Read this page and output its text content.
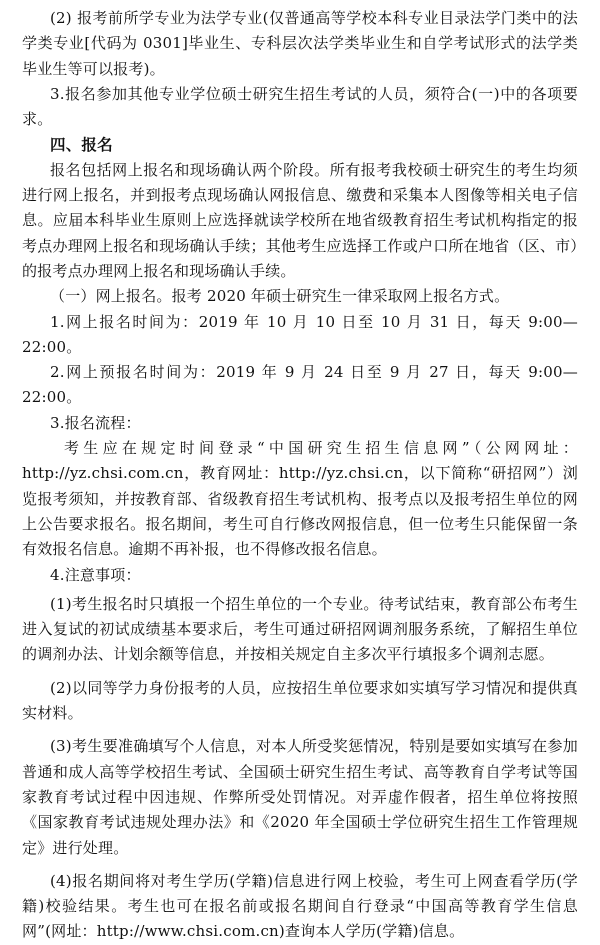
(2) 报考前所学专业为法学专业(仅普通高等学校本科专业目录法学门类中的法学类专业[代码为 0301]毕业生、专科层次法学类毕业生和自学考试形式的法学类毕业生等可以报考)。

3.报名参加其他专业学位硕士研究生招生考试的人员，须符合(一)中的各项要求。

四、报名

报名包括网上报名和现场确认两个阶段。所有报考我校硕士研究生的考生均须进行网上报名，并到报考点现场确认网报信息、缴费和采集本人图像等相关电子信息。应届本科毕业生原则上应选择就读学校所在地省级教育招生考试机构指定的报考点办理网上报名和现场确认手续；其他考生应选择工作或户口所在地省（区、市）的报考点办理网上报名和现场确认手续。

（一）网上报名。报考 2020 年硕士研究生一律采取网上报名方式。

1.网上报名时间为：2019 年 10 月 10 日至 10 月 31 日，每天 9:00—22:00。

2.网上预报名时间为：2019 年 9 月 24 日至 9 月 27 日，每天 9:00—22:00。

3.报名流程：

考生应在规定时间登录“中国研究生招生信息网”（公网网址：http://yz.chsi.com.cn，教育网址：http://yz.chsi.cn，以下简称“研招网”）浏览报考须知，并按教育部、省级教育招生考试机构、报考点以及报考招生单位的网上公告要求报名。报名期间，考生可自行修改网报信息，但一位考生只能保留一条有效报名信息。逾期不再补报，也不得修改报名信息。

4.注意事项：

(1)考生报名时只填报一个招生单位的一个专业。待考试结束，教育部公布考生进入复试的初试成绩基本要求后，考生可通过研招网调剂服务系统，了解招生单位的调剂办法、计划余额等信息，并按相关规定自主多次平行填报多个调剂志愿。

(2)以同等学力身份报考的人员，应按招生单位要求如实填写学习情况和提供真实材料。

(3)考生要准确填写个人信息，对本人所受奖惩情况，特别是要如实填写在参加普通和成人高等学校招生考试、全国硕士研究生招生考试、高等教育自学考试等国家教育考试过程中因违规、作弊所受处罚情况。对弄虚作假者，招生单位将按照《国家教育考试违规处理办法》和《2020 年全国硕士学位研究生招生工作管理规定》进行处理。

(4)报名期间将对考生学历(学籍)信息进行网上校验，考生可上网查看学历(学籍)校验结果。考生也可在报名前或报名期间自行登录“中国高等教育学生信息网”(网址：http://www.chsi.com.cn)查询本人学历(学籍)信息。
